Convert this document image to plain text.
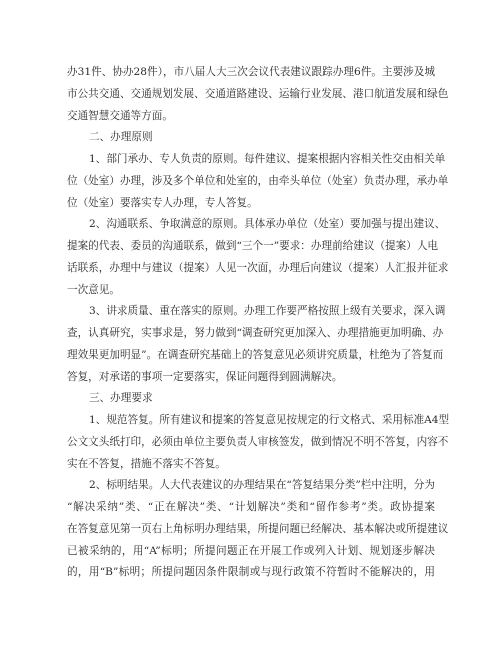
办31件、协办28件），市八届人大三次会议代表建议跟踪办理6件。主要涉及城
市公共交通、交通规划发展、交通道路建设、运输行业发展、港口航道发展和绿色
交通智慧交通等方面。
二、办理原则
1、部门承办、专人负责的原则。每件建议、提案根据内容相关性交由相关单
位（处室）办理，涉及多个单位和处室的，由牵头单位（处室）负责办理，承办单
位（处室）要落实专人办理，专人答复。
2、沟通联系、争取满意的原则。具体承办单位（处室）要加强与提出建议、
提案的代表、委员的沟通联系，做到“三个一”要求：办理前给建议（提案）人电
话联系，办理中与建议（提案）人见一次面，办理后向建议（提案）人汇报并征求
一次意见。
3、讲求质量、重在落实的原则。办理工作要严格按照上级有关要求，深入调
查，认真研究，实事求是，努力做到“调查研究更加深入、办理措施更加明确、办
理效果更加明显”。在调查研究基础上的答复意见必须讲究质量，杜绝为了答复而
答复，对承诺的事项一定要落实，保证问题得到圆满解决。
三、办理要求
1、规范答复。所有建议和提案的答复意见按规定的行文格式、采用标准A4型
公文文头纸打印，必须由单位主要负责人审核签发，做到情况不明不答复，内容不
实在不答复，措施不落实不答复。
2、标明结果。人大代表建议的办理结果在“答复结果分类”栏中注明，分为
“解决采纳”类、“正在解决”类、“计划解决”类和“留作参考”类。政协提案
在答复意见第一页右上角标明办理结果，所提问题已经解决、基本解决或所提建议
已被采纳的，用“A”标明；所提问题正在开展工作或列入计划、规划逐步解决
的，用“B”标明；所提问题因条件限制或与现行政策不符暂时不能解决的，用
